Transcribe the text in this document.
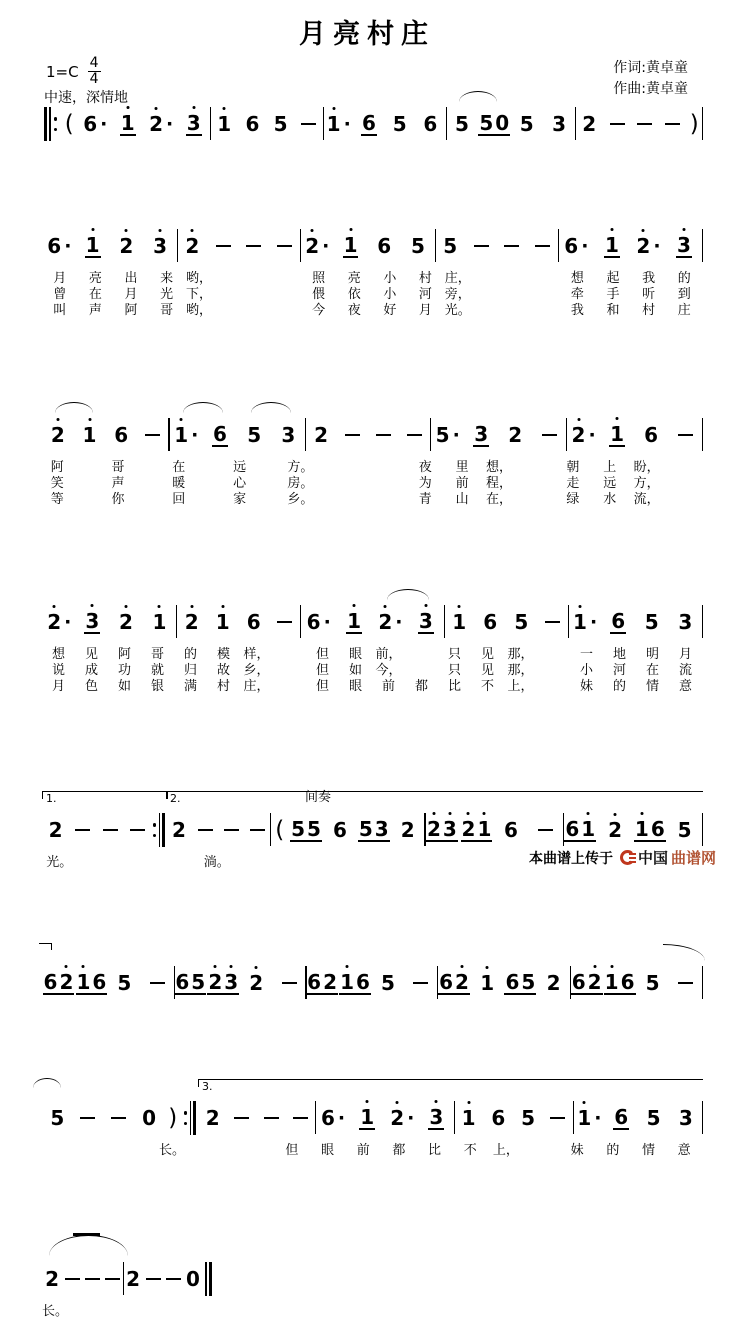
月亮村庄
$1=C \frac{4}{4}$
中速，深情地
作词:黄卓童
作曲:黄卓童
( 6 · 1 2 · 3 1 6 5 1 · 6 5 6 5 5 0 5 3 2	)
6 · 1 2 3 2	2 · 1 6 5 5	6 · 1 2 · 3
月	亮	出	来 哟，	照	亮	小	村 庄，	想	起	我	的
曾	在	月	光 下，	偎	依	小	河 旁，	牵	手	听	到
叫	声	阿	哥 哟，	今	夜	好	月 光。	我	和	村	庄
2 1 6 1 · 6 5 3 2	5 · 3 2 2 · 1 6
阿	哥	在	远	方。	夜	里	想，	朝	上	盼，
笑	声	暖	心	房。	为	前	程，	走	远	方，
等	你	回	家	乡。	青	山	在，	绿	水	流，
2 · 3 2 1 2 1 6 6 · 1 2 · 3 1 6 5 1 · 6 5 3
想	见	阿	哥	的	模	样，	但	眼	前，	只	见	那，	一	地	明	月
说	成	功	就	归	故	乡，	但	如	今，	只	见	那，	小	河	在	流
月	色	如	银	满	村	庄，	但	眼	前	都	比	不	上，	妹	的	情	意
2	2	( 5 5 6 5 3 2 2 3 2 1 6 6 1 2 1 6 5
光。	淌。
1.	2.	间奏
6 2 1 6 5 6 5 2 3 2 6 2 1 6 5 6 2 1 6 5 2 6 2 1 6 5
5	0 ) 2	6 · 1 2 · 3 1 6 5 1 · 6 5 3
长。	但	眼	前	都	比	不	上，	妹	的	情	意
3.
2	2 0
长。
本曲谱上传于 中国 曲谱网
